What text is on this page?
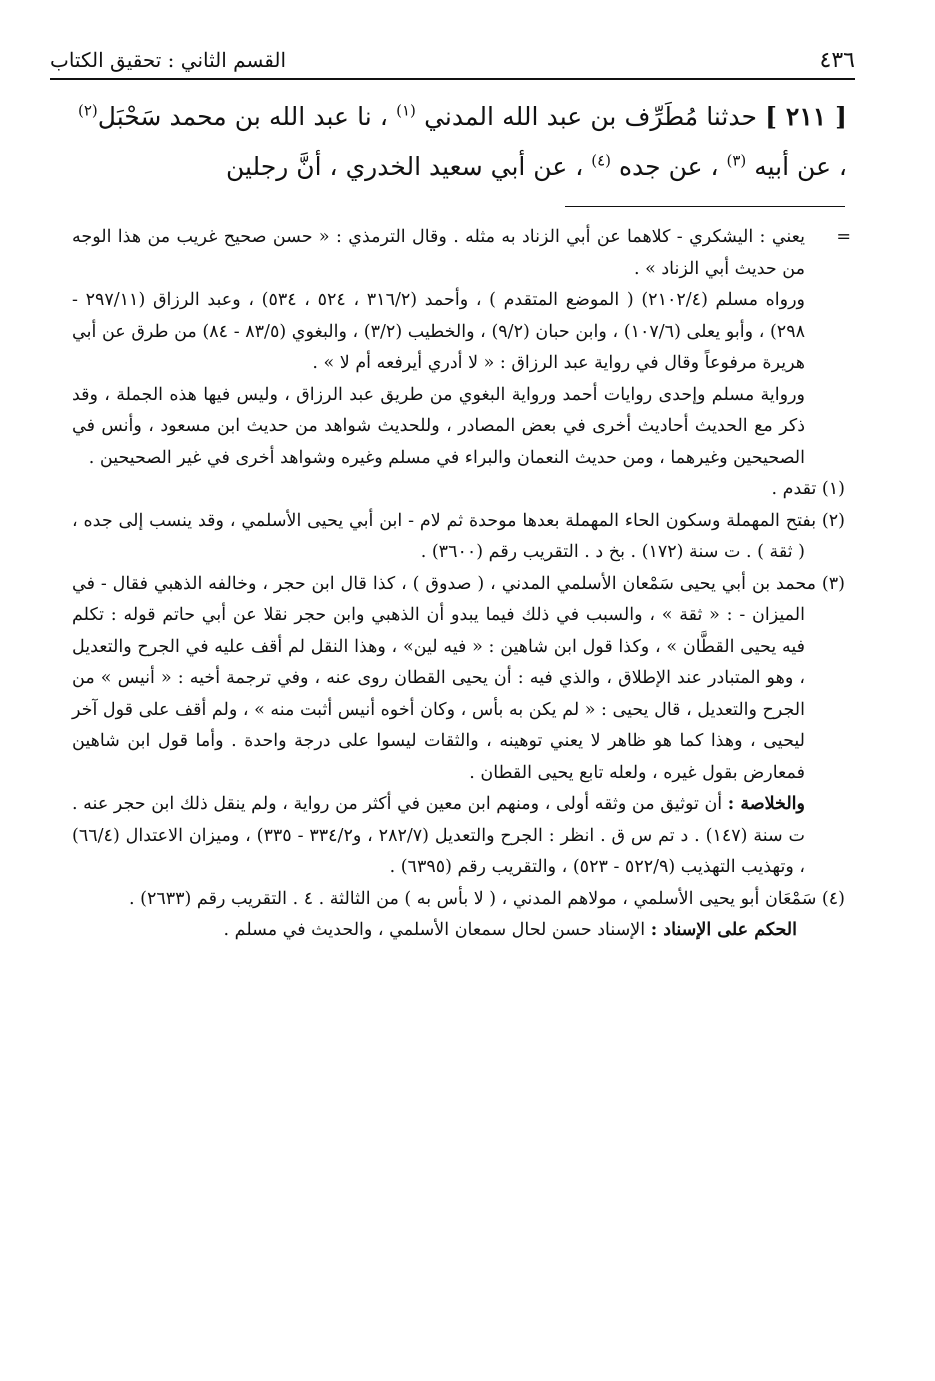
٤٣٦
القسم الثاني : تحقيق الكتاب
[ ٢١١ ] حدثنا مُطَرِّف بن عبد الله المدني $^{(١)}$ ، نا عبد الله بن محمد سَحْبَل$^{(٢)}$ ، عن أبيه $^{(٣)}$ ، عن جده $^{(٤)}$ ، عن أبي سعيد الخدري ، أنَّ رجلين

=
يعني : اليشكري - كلاهما عن أبي الزناد به مثله . وقال الترمذي : « حسن صحيح غريب من هذا الوجه من حديث أبي الزناد » .

ورواه مسلم (٢١٠٢/٤) ( الموضع المتقدم ) ، وأحمد (٣١٦/٢ ، ٥٢٤ ، ٥٣٤) ، وعبد الرزاق (٢٩٧/١١ - ٢٩٨) ، وأبو يعلى (١٠٧/٦) ، وابن حبان (٩/٢) ، والخطيب (٣/٢) ، والبغوي (٨٣/٥ - ٨٤) من طرق عن أبي هريرة مرفوعاً وقال في رواية عبد الرزاق : « لا أدري أيرفعه أم لا » .

ورواية مسلم وإحدى روايات أحمد ورواية البغوي من طريق عبد الرزاق ، وليس فيها هذه الجملة ، وقد ذكر مع الحديث أحاديث أخرى في بعض المصادر ، وللحديث شواهد من حديث ابن مسعود ، وأنس في الصحيحين وغيرهما ، ومن حديث النعمان والبراء في مسلم وغيره وشواهد أخرى في غير الصحيحين .

(١) تقدم .

(٢) بفتح المهملة وسكون الحاء المهملة بعدها موحدة ثم لام - ابن أبي يحيى الأسلمي ، وقد ينسب إلى جده ، ( ثقة ) . ت سنة (١٧٢) . بخ د . التقريب رقم (٣٦٠٠) .

(٣) محمد بن أبي يحيى سَمْعان الأسلمي المدني ، ( صدوق ) ، كذا قال ابن حجر ، وخالفه الذهبي فقال - في الميزان - : « ثقة » ، والسبب في ذلك فيما يبدو أن الذهبي وابن حجر نقلا عن أبي حاتم قوله : تكلم فيه يحيى القطَّان » ، وكذا قول ابن شاهين : « فيه لين» ، وهذا النقل لم أقف عليه في الجرح والتعديل ، وهو المتبادر عند الإطلاق ، والذي فيه : أن يحيى القطان روى عنه ، وفي ترجمة أخيه : « أنيس » من الجرح والتعديل ، قال يحيى : « لم يكن به بأس ، وكان أخوه أنيس أثبت منه » ، ولم أقف على قول آخر ليحيى ، وهذا كما هو ظاهر لا يعني توهينه ، والثقات ليسوا على درجة واحدة . وأما قول ابن شاهين فمعارض بقول غيره ، ولعله تابع يحيى القطان .

والخلاصة : أن توثيق من وثقه أولى ، ومنهم ابن معين في أكثر من رواية ، ولم ينقل ذلك ابن حجر عنه . ت سنة (١٤٧) . د تم س ق . انظر : الجرح والتعديل (٢٨٢/٧ ، و٣٣٤/٢ - ٣٣٥) ، وميزان الاعتدال (٦٦/٤) ، وتهذيب التهذيب (٥٢٢/٩ - ٥٢٣) ، والتقريب رقم (٦٣٩٥) .

(٤) سَمْعَان أبو يحيى الأسلمي ، مولاهم المدني ، ( لا بأس به ) من الثالثة . ٤ . التقريب رقم (٢٦٣٣) .

الحكم على الإسناد : الإسناد حسن لحال سمعان الأسلمي ، والحديث في مسلم .
